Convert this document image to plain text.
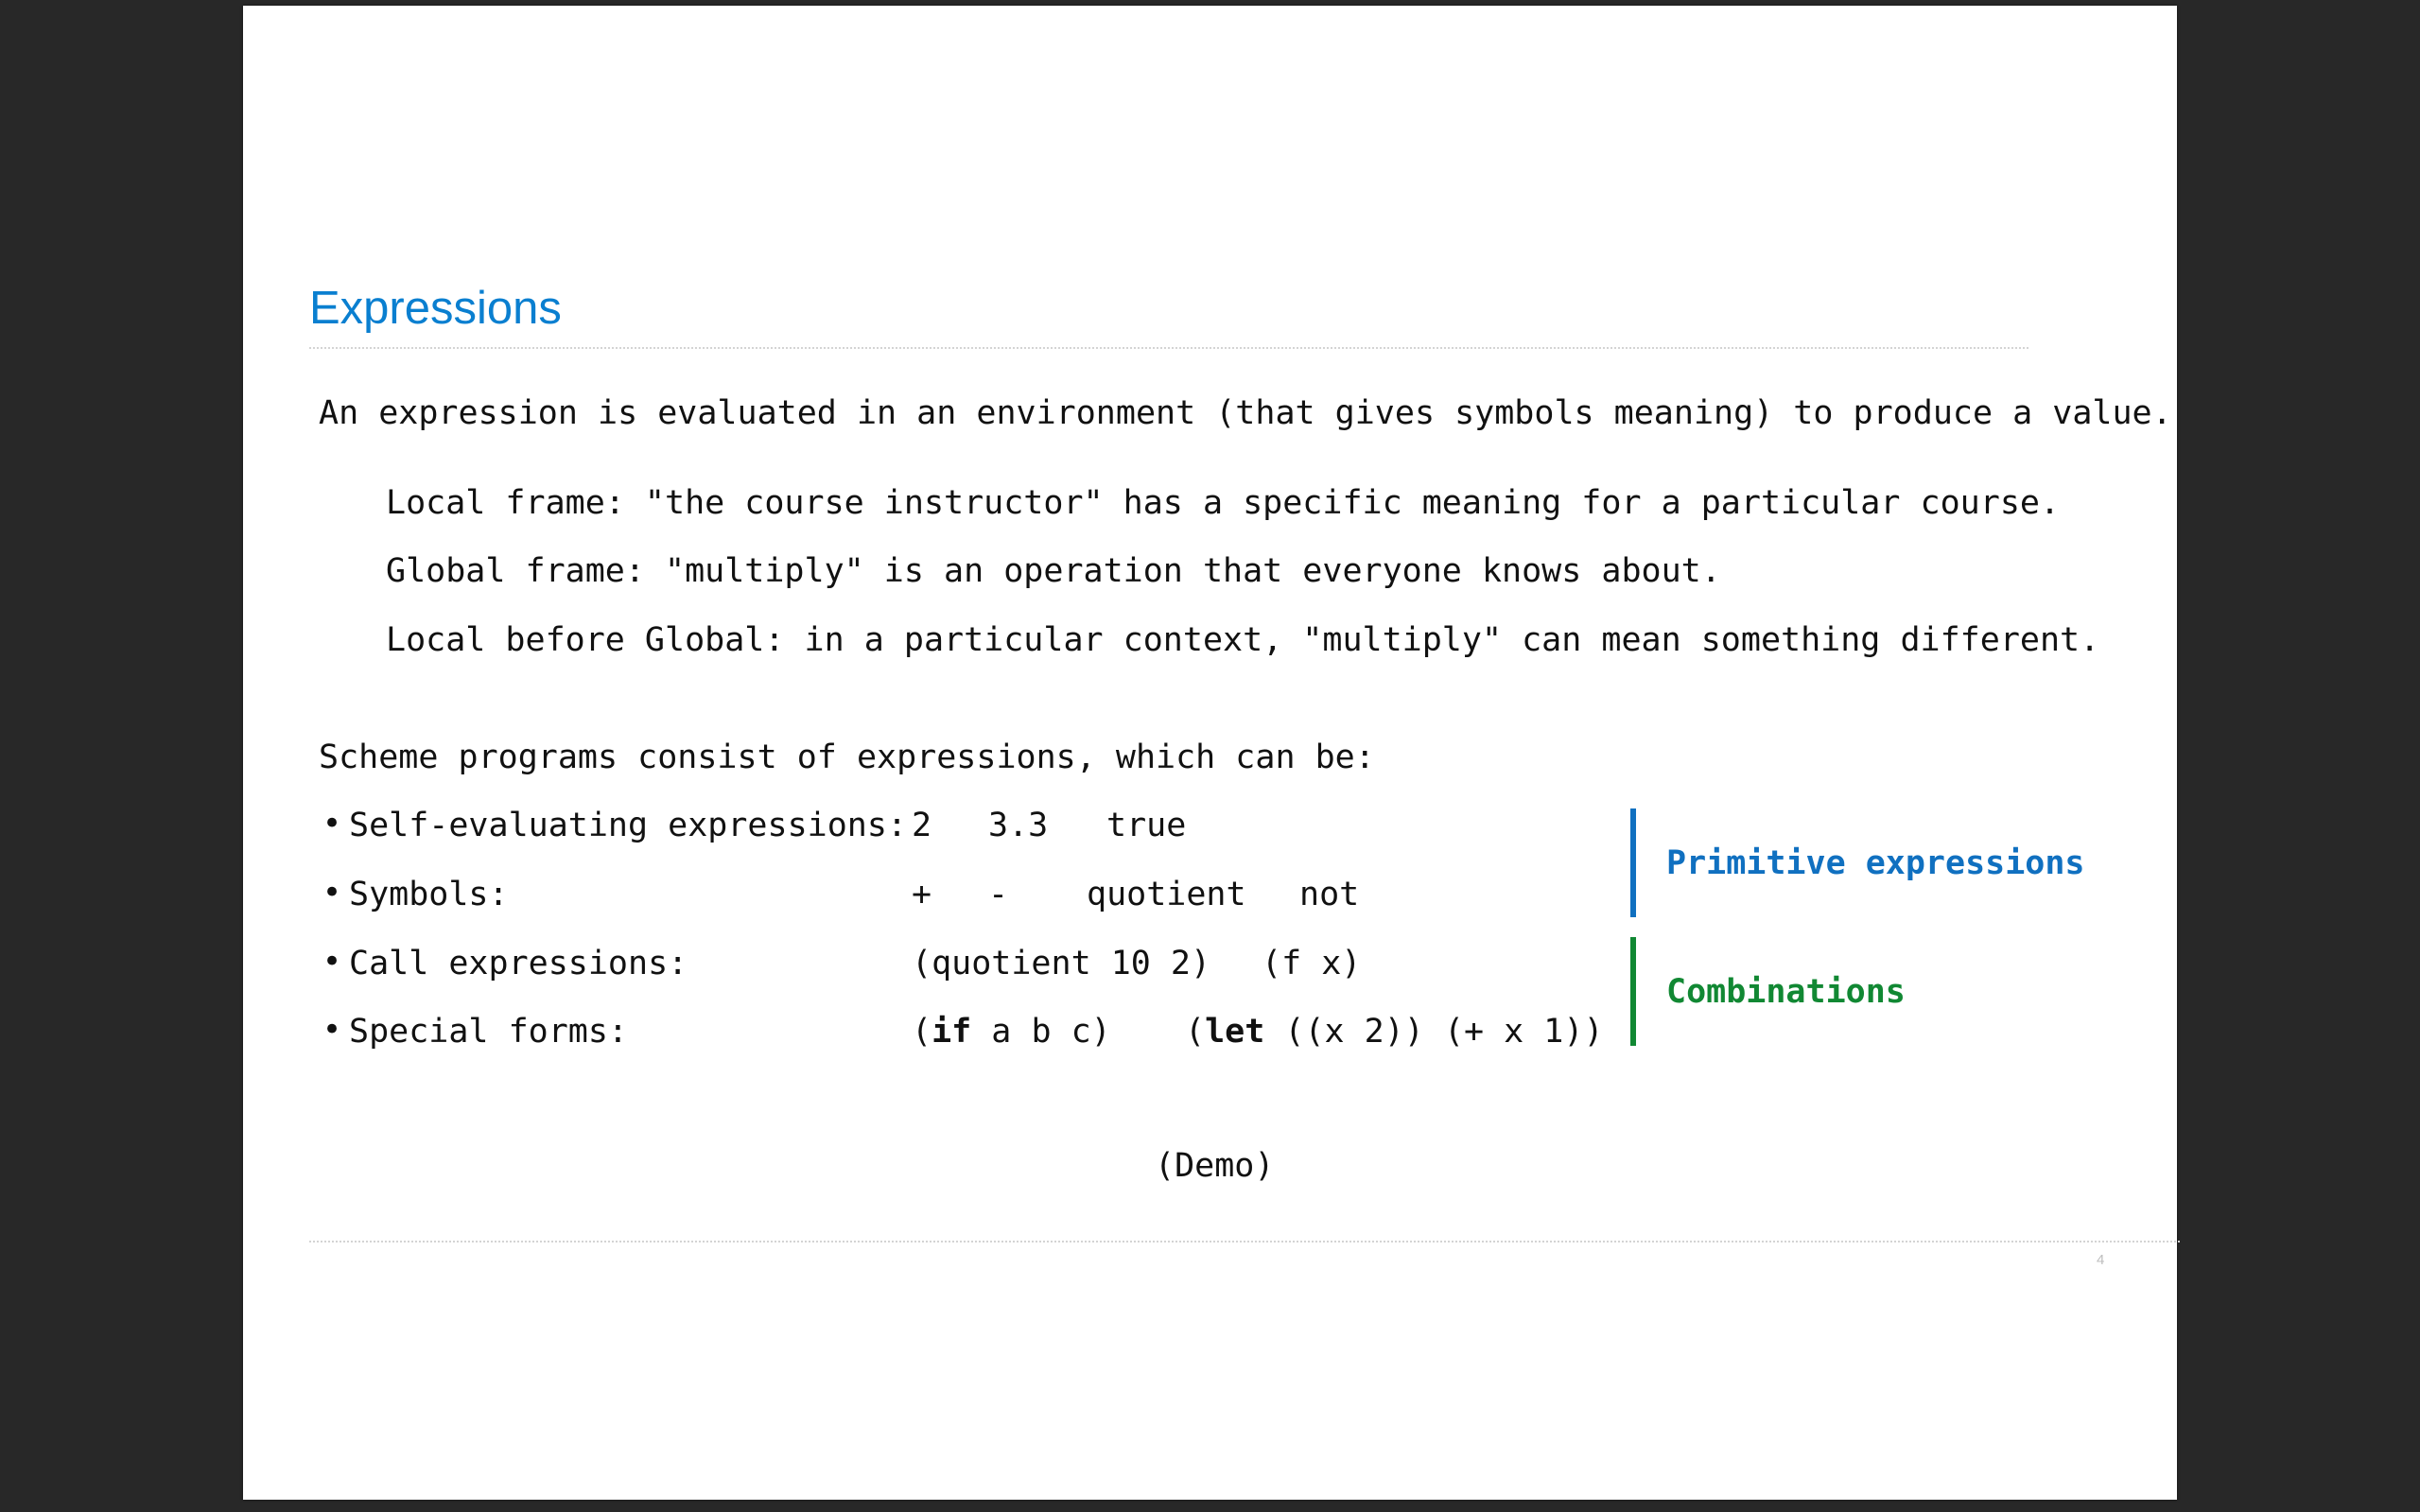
Expressions
An expression is evaluated in an environment (that gives symbols meaning) to produce a value.
Local frame: "the course instructor" has a specific meaning for a particular course.
Global frame: "multiply" is an operation that everyone knows about.
Local before Global: in a particular context, "multiply" can mean something different.
Scheme programs consist of expressions, which can be:
• Self-evaluating expressions: 2 3.3 true
• Symbols:	+ - quotient not
• Call expressions:	(quotient 10 2) (f x)
• Special forms:	(if a b c) (let ((x 2)) (+ x 1))
Primitive expressions
Combinations
(Demo)
4
